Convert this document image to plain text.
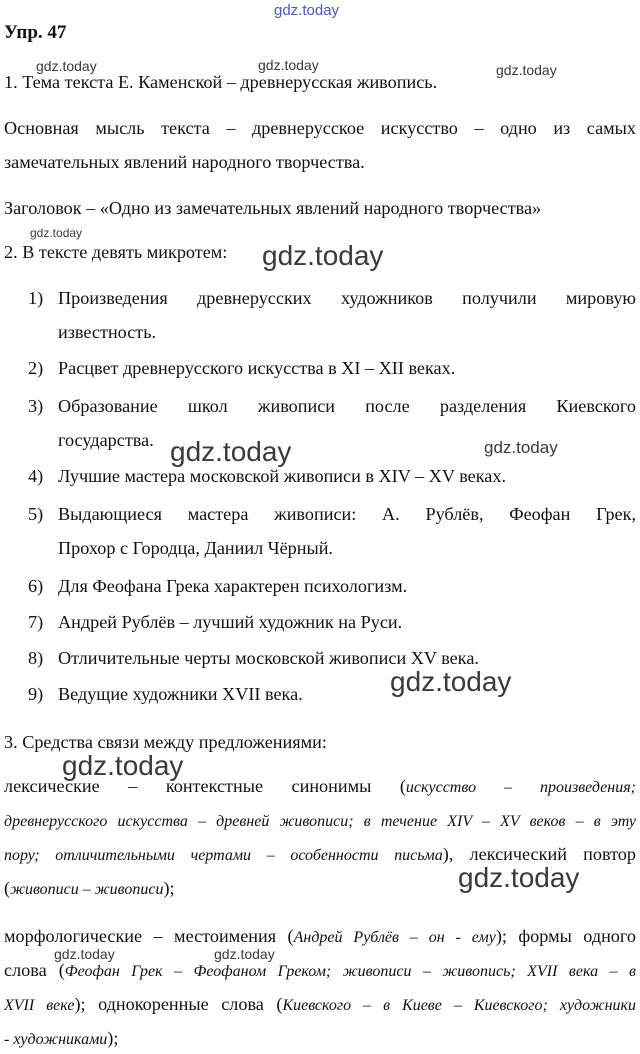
gdz.today
gdz.today	gdz.today	gdz.today
gdz.today
gdz.today
gdz.today	gdz.today
gdz.today
gdz.today
gdz.today
gdz.today	gdz.today
Упр. 47
1. Тема текста Е. Каменской – древнерусская живопись.
Основная мысль текста – древнерусское искусство – одно из самых
замечательных явлений народного творчества.
Заголовок – «Одно из замечательных явлений народного творчества»
2. В тексте девять микротем:
1) Произведения древнерусских художников получили мировую
известность.
2) Расцвет древнерусского искусства в XI – XII веках.
3) Образование школ живописи после разделения Киевского
государства.
4) Лучшие мастера московской живописи в XIV – XV веках.
5) Выдающиеся мастера живописи: А. Рублёв, Феофан Грек,
Прохор с Городца, Даниил Чёрный.
6) Для Феофана Грека характерен психологизм.
7) Андрей Рублёв – лучший художник на Руси.
8) Отличительные черты московской живописи XV века.
9) Ведущие художники XVII века.
3. Средства связи между предложениями:
лексические – контекстные синонимы (искусство – произведения;
древнерусского искусства – древней живописи; в течение XIV – XV веков – в эту
пору; отличительными чертами – особенности письма), лексический повтор
(живописи – живописи);
морфологические – местоимения (Андрей Рублёв – он - ему); формы одного
слова (Феофан Грек – Феофаном Греком; живописи – живопись; XVII века – в
XVII веке); однокоренные слова (Киевского – в Киеве – Киевского; художники
- художниками);
